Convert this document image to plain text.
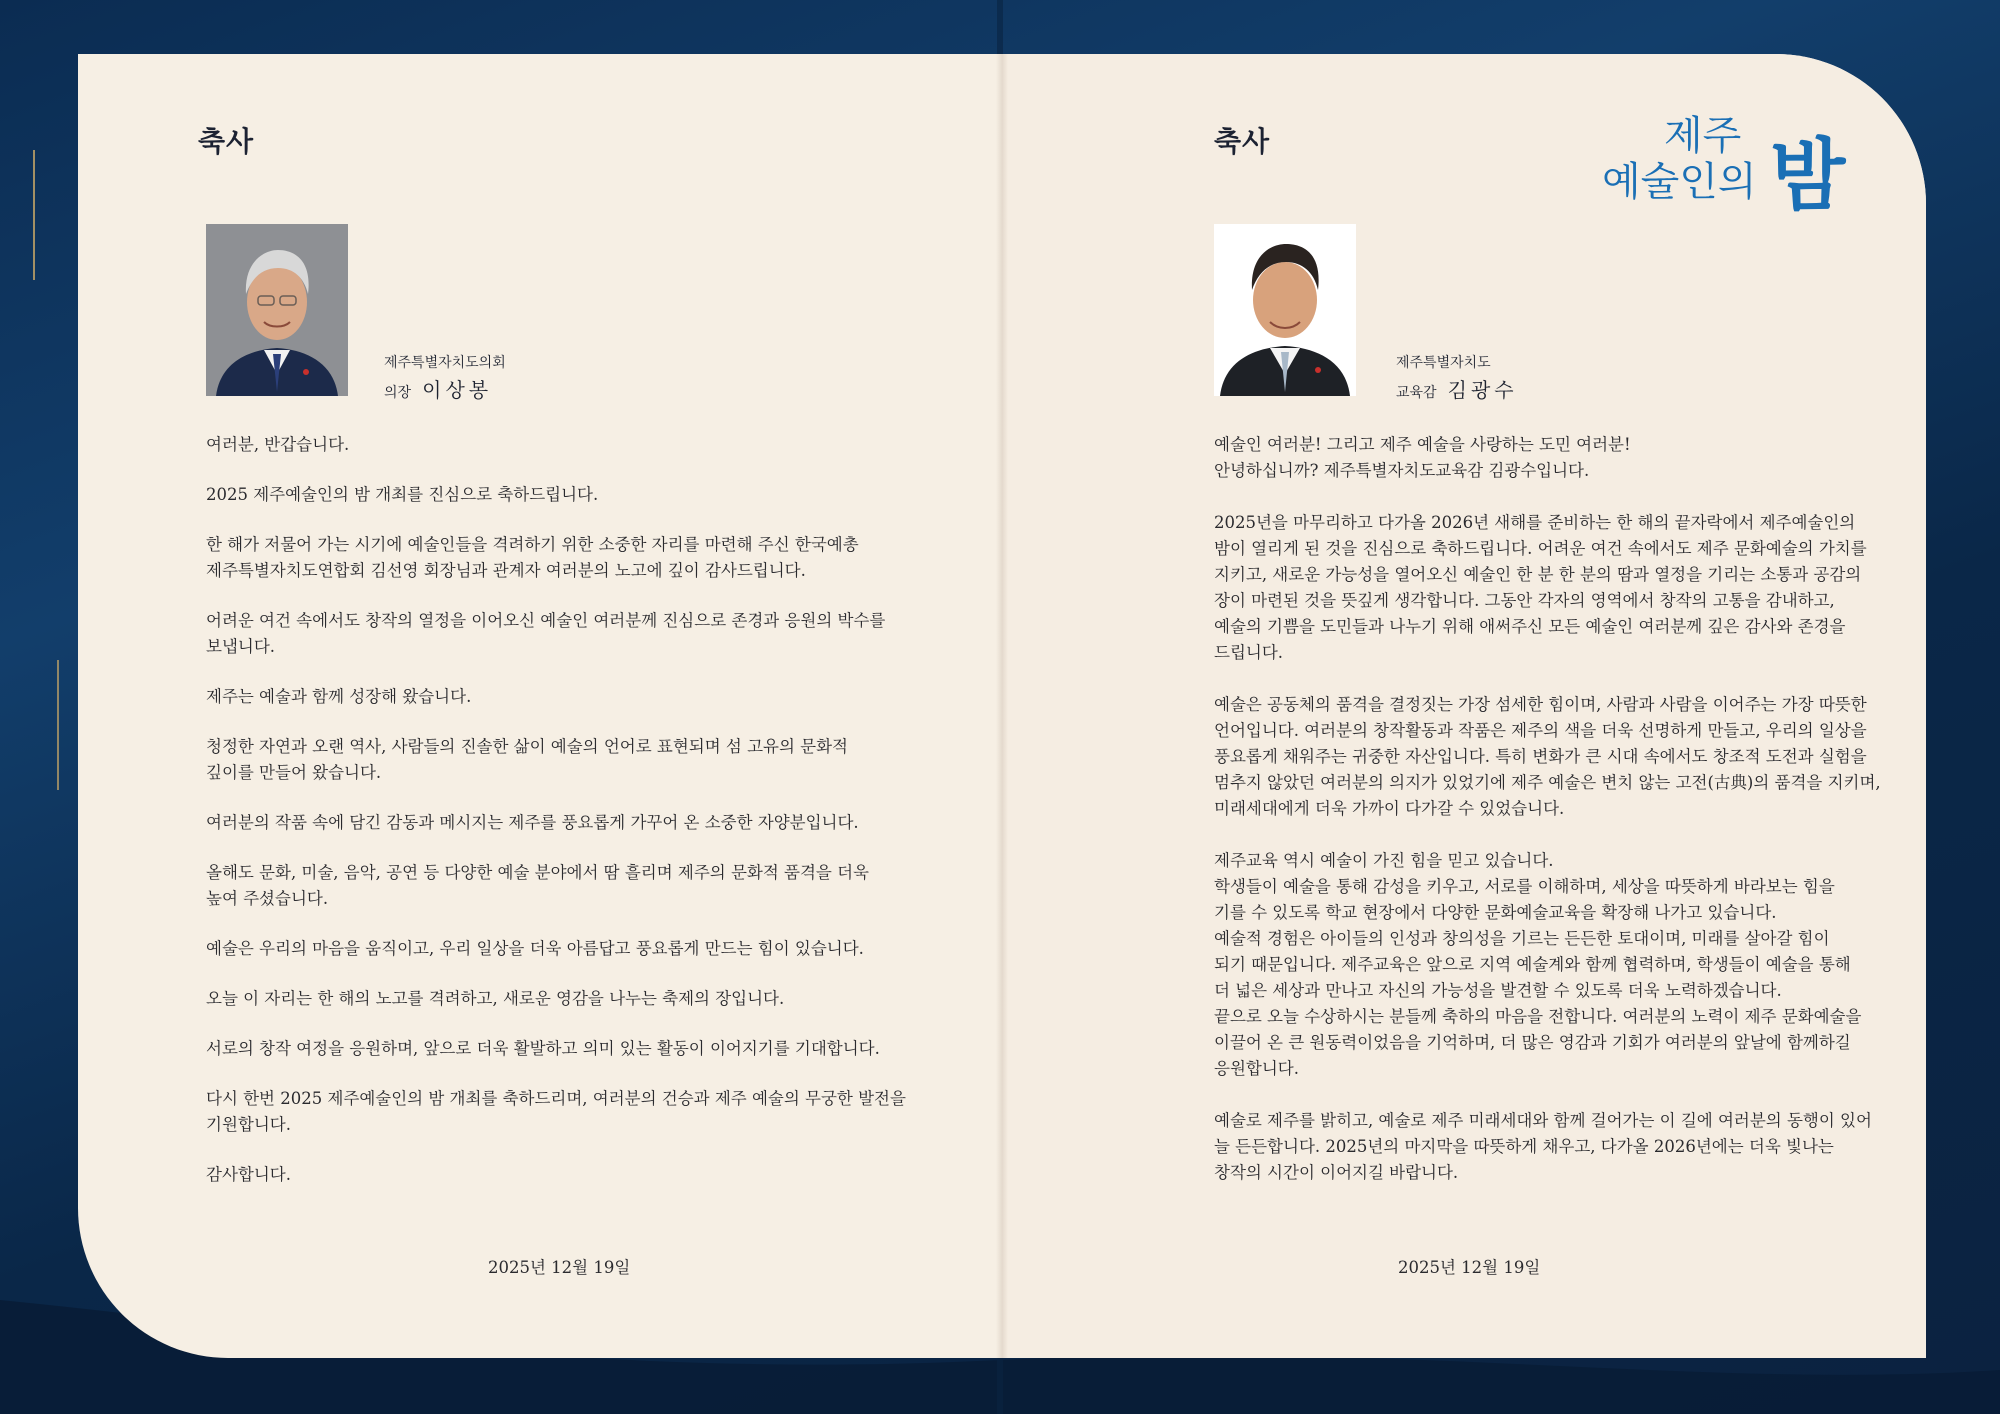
축사
제주특별자치도의회
의장 이상봉

여러분, 반갑습니다.

2025 제주예술인의 밤 개최를 진심으로 축하드립니다.

한 해가 저물어 가는 시기에 예술인들을 격려하기 위한 소중한 자리를 마련해 주신 한국예총
제주특별자치도연합회 김선영 회장님과 관계자 여러분의 노고에 깊이 감사드립니다.

어려운 여건 속에서도 창작의 열정을 이어오신 예술인 여러분께 진심으로 존경과 응원의 박수를
보냅니다.

제주는 예술과 함께 성장해 왔습니다.

청정한 자연과 오랜 역사, 사람들의 진솔한 삶이 예술의 언어로 표현되며 섬 고유의 문화적
깊이를 만들어 왔습니다.

여러분의 작품 속에 담긴 감동과 메시지는 제주를 풍요롭게 가꾸어 온 소중한 자양분입니다.

올해도 문화, 미술, 음악, 공연 등 다양한 예술 분야에서 땀 흘리며 제주의 문화적 품격을 더욱
높여 주셨습니다.

예술은 우리의 마음을 움직이고, 우리 일상을 더욱 아름답고 풍요롭게 만드는 힘이 있습니다.

오늘 이 자리는 한 해의 노고를 격려하고, 새로운 영감을 나누는 축제의 장입니다.

서로의 창작 여정을 응원하며, 앞으로 더욱 활발하고 의미 있는 활동이 이어지기를 기대합니다.

다시 한번 2025 제주예술인의 밤 개최를 축하드리며, 여러분의 건승과 제주 예술의 무궁한 발전을
기원합니다.

감사합니다.

2025년 12월 19일
축사
제주특별자치도
교육감 김광수

예술인 여러분! 그리고 제주 예술을 사랑하는 도민 여러분!
안녕하십니까? 제주특별자치도교육감 김광수입니다.

2025년을 마무리하고 다가올 2026년 새해를 준비하는 한 해의 끝자락에서 제주예술인의
밤이 열리게 된 것을 진심으로 축하드립니다. 어려운 여건 속에서도 제주 문화예술의 가치를
지키고, 새로운 가능성을 열어오신 예술인 한 분 한 분의 땀과 열정을 기리는 소통과 공감의
장이 마련된 것을 뜻깊게 생각합니다. 그동안 각자의 영역에서 창작의 고통을 감내하고,
예술의 기쁨을 도민들과 나누기 위해 애써주신 모든 예술인 여러분께 깊은 감사와 존경을
드립니다.

예술은 공동체의 품격을 결정짓는 가장 섬세한 힘이며, 사람과 사람을 이어주는 가장 따뜻한
언어입니다. 여러분의 창작활동과 작품은 제주의 색을 더욱 선명하게 만들고, 우리의 일상을
풍요롭게 채워주는 귀중한 자산입니다. 특히 변화가 큰 시대 속에서도 창조적 도전과 실험을
멈추지 않았던 여러분의 의지가 있었기에 제주 예술은 변치 않는 고전(古典)의 품격을 지키며,
미래세대에게 더욱 가까이 다가갈 수 있었습니다.

제주교육 역시 예술이 가진 힘을 믿고 있습니다.
학생들이 예술을 통해 감성을 키우고, 서로를 이해하며, 세상을 따뜻하게 바라보는 힘을
기를 수 있도록 학교 현장에서 다양한 문화예술교육을 확장해 나가고 있습니다.
예술적 경험은 아이들의 인성과 창의성을 기르는 든든한 토대이며, 미래를 살아갈 힘이
되기 때문입니다. 제주교육은 앞으로 지역 예술계와 함께 협력하며, 학생들이 예술을 통해
더 넓은 세상과 만나고 자신의 가능성을 발견할 수 있도록 더욱 노력하겠습니다.
끝으로 오늘 수상하시는 분들께 축하의 마음을 전합니다. 여러분의 노력이 제주 문화예술을
이끌어 온 큰 원동력이었음을 기억하며, 더 많은 영감과 기회가 여러분의 앞날에 함께하길
응원합니다.

예술로 제주를 밝히고, 예술로 제주 미래세대와 함께 걸어가는 이 길에 여러분의 동행이 있어
늘 든든합니다. 2025년의 마지막을 따뜻하게 채우고, 다가올 2026년에는 더욱 빛나는
창작의 시간이 이어지길 바랍니다.

2025년 12월 19일
제주
예술인의 밤
